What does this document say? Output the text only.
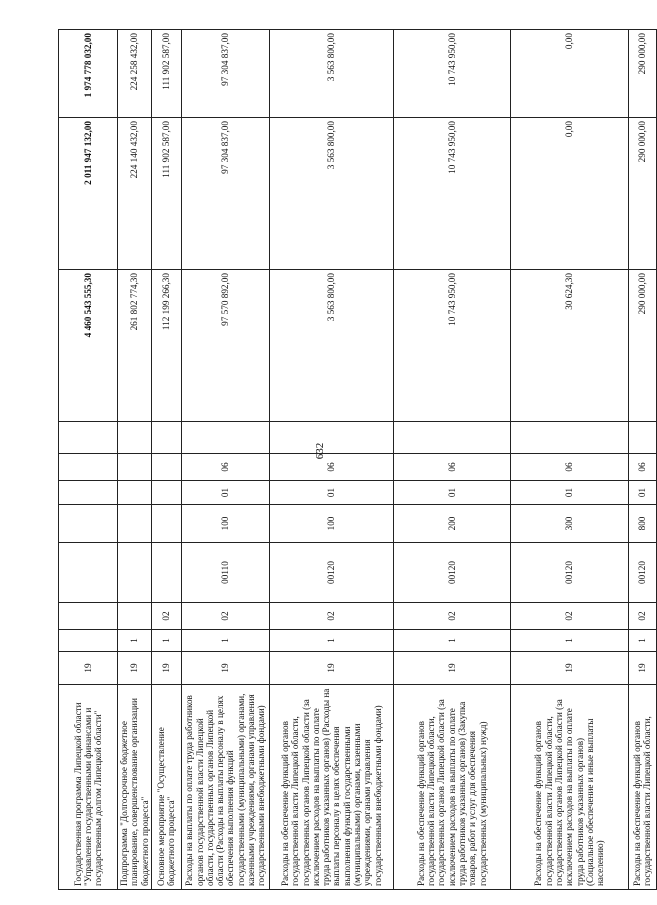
632
Государственная программа Липецкой области "Управление государственными финансами и государственным долгом Липецкой области"	19								4 460 543 555,30	2 011 947 132,00	1 974 778 032,00
Подпрограмма "Долгосрочное бюджетное планирование, совершенствование организации бюджетного процесса"	19	1							261 802 774,30	224 140 432,00	224 258 432,00
Основное мероприятие "Осуществление бюджетного процесса"	19	1	02						112 199 266,30	111 902 587,00	111 902 587,00
Расходы на выплаты по оплате труда работников органов государственной власти Липецкой области, государственных органов Липецкой области (Расходы на выплаты персоналу в целях обеспечения выполнения функций государственными (муниципальными) органами, казенными учреждениями, органами управления государственными внебюджетными фондами)	19	1	02	00110	100	01	06		97 570 892,00	97 304 837,00	97 304 837,00
Расходы на обеспечение функций органов государственной власти Липецкой области, государственных органов Липецкой области (за исключением расходов на выплаты по оплате труда работников указанных органов) (Расходы на выплаты персоналу в целях обеспечения выполнения функций государственными (муниципальными) органами, казенными учреждениями, органами управления государственными внебюджетными фондами)	19	1	02	00120	100	01	06		3 563 800,00	3 563 800,00	3 563 800,00
Расходы на обеспечение функций органов государственной власти Липецкой области, государственных органов Липецкой области (за исключением расходов на выплаты по оплате труда работников указанных органов) (Закупка товаров, работ и услуг для обеспечения государственных (муниципальных) нужд)	19	1	02	00120	200	01	06		10 743 950,00	10 743 950,00	10 743 950,00
Расходы на обеспечение функций органов государственной власти Липецкой области, государственных органов Липецкой области (за исключением расходов на выплаты по оплате труда работников указанных органов) (Социальное обеспечение и иные выплаты населению)	19	1	02	00120	300	01	06		30 624,30	0,00	0,00
Расходы на обеспечение функций органов государственной власти Липецкой области,	19	1	02	00120	800	01	06		290 000,00	290 000,00	290 000,00
